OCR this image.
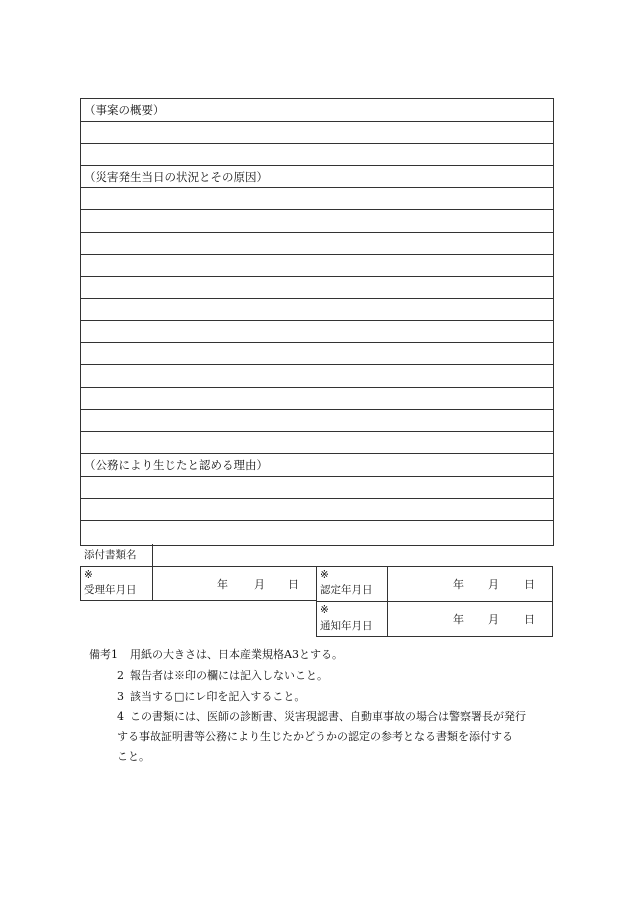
（事案の概要）
（災害発生当日の状況とその原因）
（公務により生じたと認める理由）
添付書類名
※
受理年月日	年 月 日
※
認定年月日	年 月 日
※
通知年月日	年 月 日
備考1 用紙の大きさは、日本産業規格A3とする。
2 報告者は※印の欄には記入しないこと。
3 該当する□にレ印を記入すること。
4 この書類には、医師の診断書、災害現認書、自動車事故の場合は警察署長が発行
する事故証明書等公務により生じたかどうかの認定の参考となる書類を添付する
こと。
